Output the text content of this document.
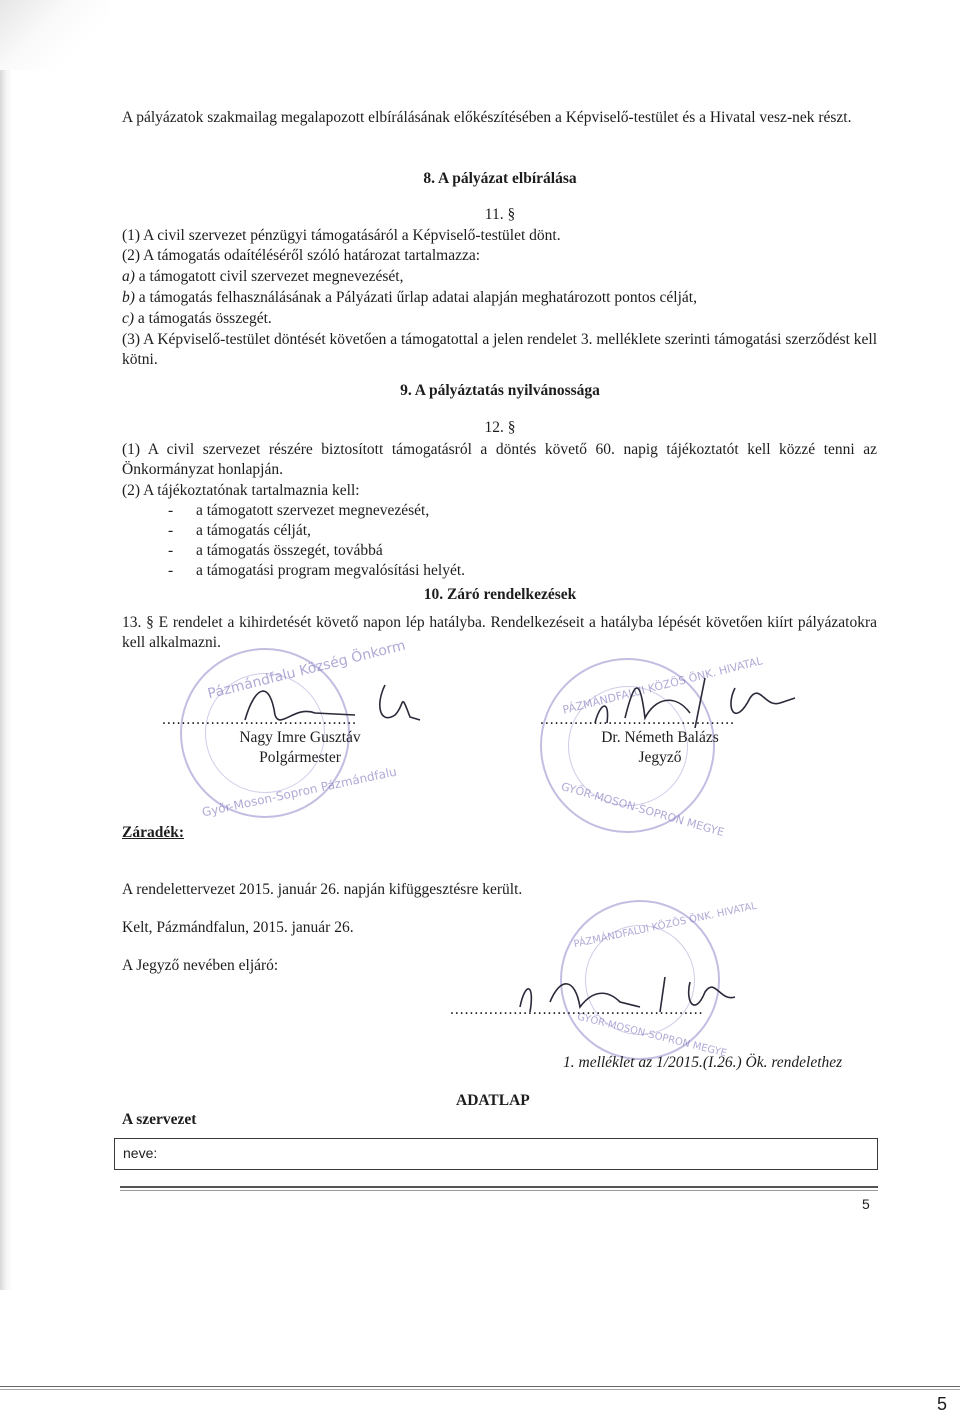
A pályázatok szakmailag megalapozott elbírálásának előkészítésében a Képviselő-testület és a Hivatal vesz-nek részt.
8. A pályázat elbírálása
11. §
(1) A civil szervezet pénzügyi támogatásáról a Képviselő-testület dönt.
(2) A támogatás odaítéléséről szóló határozat tartalmazza:
a) a támogatott civil szervezet megnevezését,
b) a támogatás felhasználásának a Pályázati űrlap adatai alapján meghatározott pontos célját,
c) a támogatás összegét.
(3) A Képviselő-testület döntését követően a támogatottal a jelen rendelet 3. melléklete szerinti támogatási szerződést kell kötni.
9. A pályáztatás nyilvánossága
12. §
(1) A civil szervezet részére biztosított támogatásról a döntés követő 60. napig tájékoztatót kell közzé tenni az Önkormányzat honlapján.
(2) A tájékoztatónak tartalmaznia kell:
- a támogatott szervezet megnevezését,
- a támogatás célját,
- a támogatás összegét, továbbá
- a támogatási program megvalósítási helyét.
10. Záró rendelkezések
13. § E rendelet a kihirdetését követő napon lép hatályba. Rendelkezéseit a hatályba lépését követően kiírt pályázatokra kell alkalmazni.
Pázmándfalu Község Önkorm
Győr-Moson-Sopron Pázmándfalu
PÁZMÁNDFALUI KÖZÖS ÖNK. HIVATAL
GYŐR-MOSON-SOPRON MEGYE
........................................
Nagy Imre Gusztáv
Polgármester
........................................
Dr. Németh Balázs
Jegyző
Záradék:
A rendelettervezet 2015. január 26. napján kifüggesztésre került.
Kelt, Pázmándfalun, 2015. január 26.
A Jegyző nevében eljáró:
PÁZMÁNDFALUI KÖZÖS ÖNK. HIVATAL
GYŐR-MOSON-SOPRON MEGYE
....................................................
1. melléklet az 1/2015.(I.26.) Ök. rendelethez
ADATLAP
A szervezet
neve:
5
5
